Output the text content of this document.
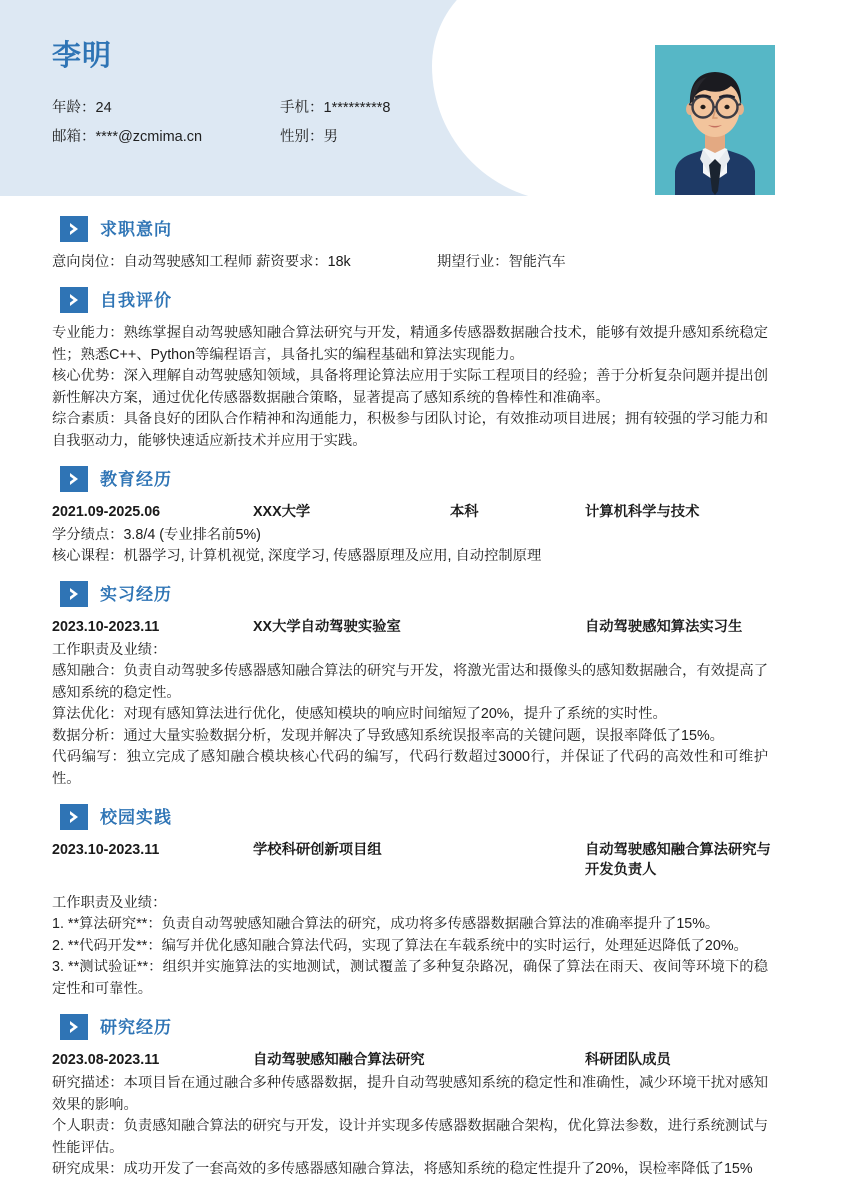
李明
年龄：24	手机：1*********8
邮箱：****@zcmima.cn	性别：男
求职意向
意向岗位：自动驾驶感知工程师 薪资要求：18k	期望行业：智能汽车
自我评价
专业能力：熟练掌握自动驾驶感知融合算法研究与开发，精通多传感器数据融合技术，能够有效提升感知系统稳定性；熟悉C++、Python等编程语言，具备扎实的编程基础和算法实现能力。
核心优势：深入理解自动驾驶感知领域，具备将理论算法应用于实际工程项目的经验；善于分析复杂问题并提出创新性解决方案，通过优化传感器数据融合策略，显著提高了感知系统的鲁棒性和准确率。
综合素质：具备良好的团队合作精神和沟通能力，积极参与团队讨论，有效推动项目进展；拥有较强的学习能力和自我驱动力，能够快速适应新技术并应用于实践。
教育经历
2021.09-2025.06	XXX大学	本科	计算机科学与技术
学分绩点：3.8/4 (专业排名前5%)
核心课程：机器学习, 计算机视觉, 深度学习, 传感器原理及应用, 自动控制原理
实习经历
2023.10-2023.11	XX大学自动驾驶实验室	自动驾驶感知算法实习生
工作职责及业绩：
感知融合：负责自动驾驶多传感器感知融合算法的研究与开发，将激光雷达和摄像头的感知数据融合，有效提高了感知系统的稳定性。
算法优化：对现有感知算法进行优化，使感知模块的响应时间缩短了20%，提升了系统的实时性。
数据分析：通过大量实验数据分析，发现并解决了导致感知系统误报率高的关键问题，误报率降低了15%。
代码编写：独立完成了感知融合模块核心代码的编写，代码行数超过3000行，并保证了代码的高效性和可维护性。
校园实践
2023.10-2023.11	学校科研创新项目组	自动驾驶感知融合算法研究与开发负责人
工作职责及业绩：
1. **算法研究**：负责自动驾驶感知融合算法的研究，成功将多传感器数据融合算法的准确率提升了15%。
2. **代码开发**：编写并优化感知融合算法代码，实现了算法在车载系统中的实时运行，处理延迟降低了20%。
3. **测试验证**：组织并实施算法的实地测试，测试覆盖了多种复杂路况，确保了算法在雨天、夜间等环境下的稳定性和可靠性。
研究经历
2023.08-2023.11	自动驾驶感知融合算法研究	科研团队成员
研究描述：本项目旨在通过融合多种传感器数据，提升自动驾驶感知系统的稳定性和准确性，减少环境干扰对感知效果的影响。
个人职责：负责感知融合算法的研究与开发，设计并实现多传感器数据融合架构，优化算法参数，进行系统测试与性能评估。
研究成果：成功开发了一套高效的多传感器感知融合算法，将感知系统的稳定性提升了20%，误检率降低了15%
